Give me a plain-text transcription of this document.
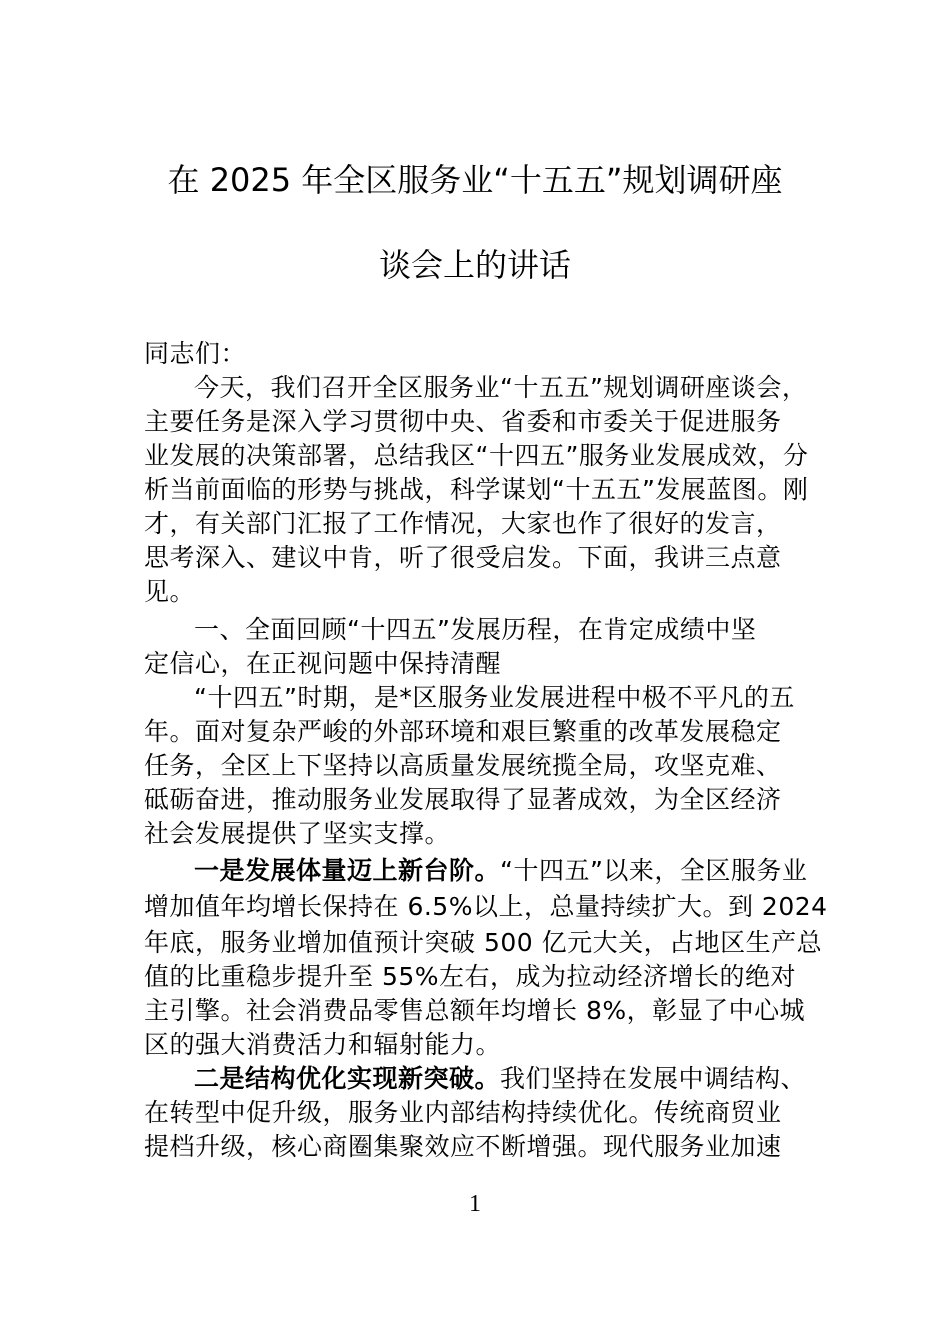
在 2025 年全区服务业“十五五”规划调研座
谈会上的讲话
同志们：
今天，我们召开全区服务业“十五五”规划调研座谈会，
主要任务是深入学习贯彻中央、省委和市委关于促进服务
业发展的决策部署，总结我区“十四五”服务业发展成效，分
析当前面临的形势与挑战，科学谋划“十五五”发展蓝图。刚
才，有关部门汇报了工作情况，大家也作了很好的发言，
思考深入、建议中肯，听了很受启发。下面，我讲三点意
见。
一、全面回顾“十四五”发展历程，在肯定成绩中坚
定信心，在正视问题中保持清醒
“十四五”时期，是*区服务业发展进程中极不平凡的五
年。面对复杂严峻的外部环境和艰巨繁重的改革发展稳定
任务，全区上下坚持以高质量发展统揽全局，攻坚克难、
砥砺奋进，推动服务业发展取得了显著成效，为全区经济
社会发展提供了坚实支撑。
一是发展体量迈上新台阶。“十四五”以来，全区服务业
增加值年均增长保持在 6.5%以上，总量持续扩大。到 2024
年底，服务业增加值预计突破 500 亿元大关，占地区生产总
值的比重稳步提升至 55%左右，成为拉动经济增长的绝对
主引擎。社会消费品零售总额年均增长 8%，彰显了中心城
区的强大消费活力和辐射能力。
二是结构优化实现新突破。我们坚持在发展中调结构、
在转型中促升级，服务业内部结构持续优化。传统商贸业
提档升级，核心商圈集聚效应不断增强。现代服务业加速
1
